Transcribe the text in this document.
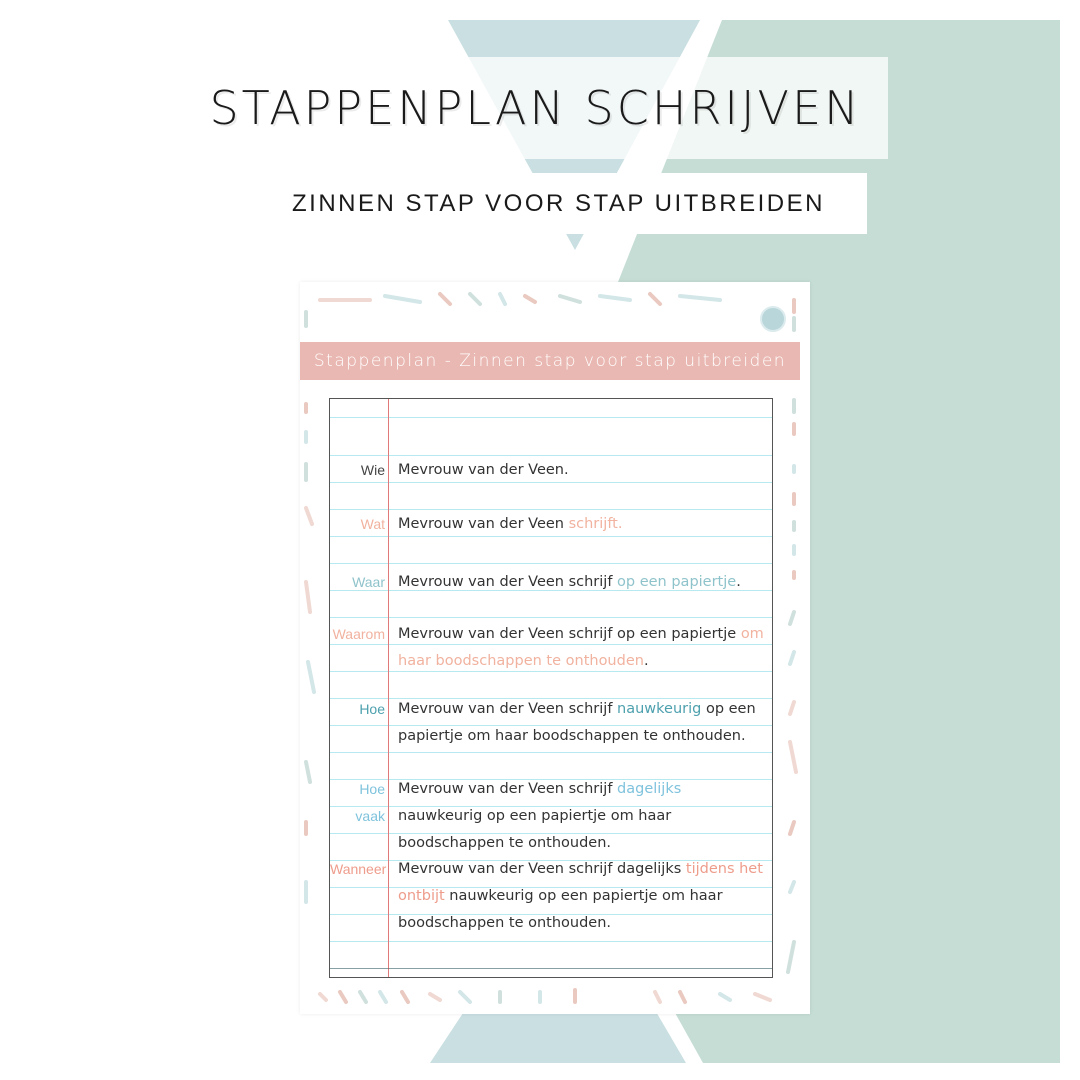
STAPPENPLAN SCHRIJVEN
ZINNEN STAP VOOR STAP UITBREIDEN
Stappenplan - Zinnen stap voor stap uitbreiden
Wie Mevrouw van der Veen.
Wat Mevrouw van der Veen schrijft.
Waar Mevrouw van der Veen schrijf op een papiertje.
Waarom Mevrouw van der Veen schrijf op een papiertje om haar boodschappen te onthouden.
Hoe Mevrouw van der Veen schrijf nauwkeurig op een papiertje om haar boodschappen te onthouden.
Hoe vaak
Mevrouw van der Veen schrijf dagelijks nauwkeurig op een papiertje om haar boodschappen te onthouden.
Wanneer Mevrouw van der Veen schrijf dagelijks tijdens het ontbijt nauwkeurig op een papiertje om haar boodschappen te onthouden.
